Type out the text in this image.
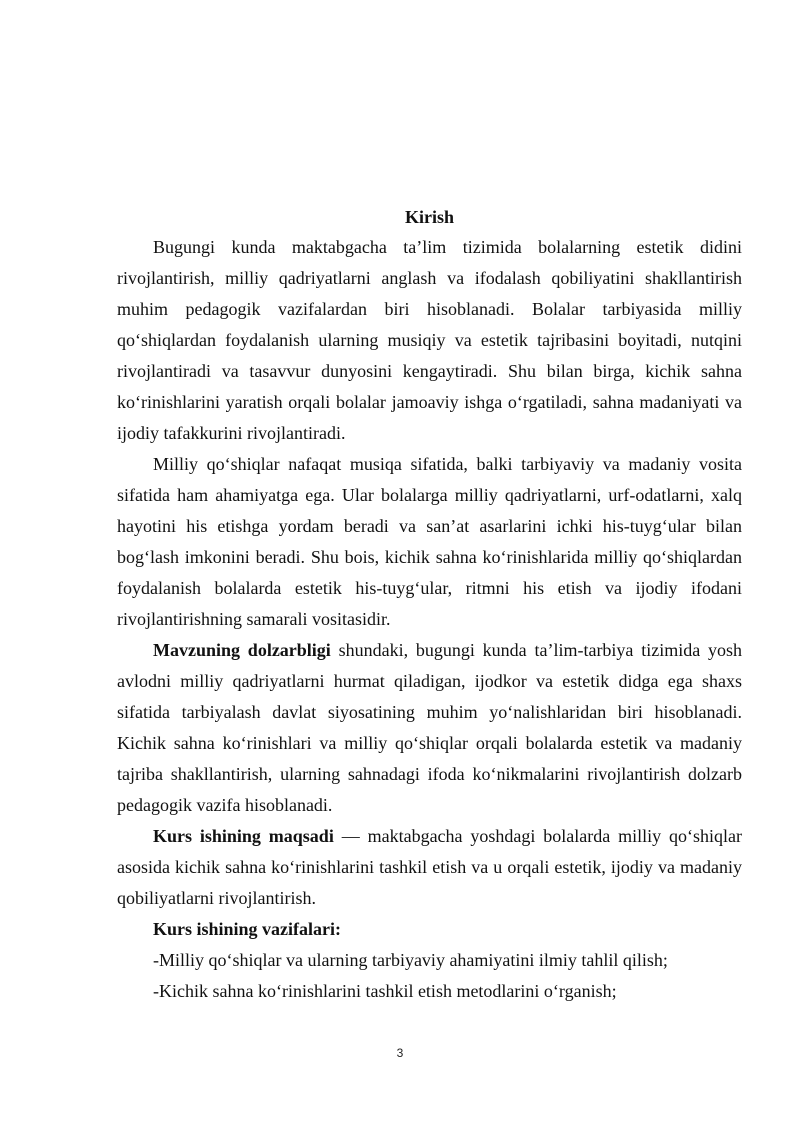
Kirish

Bugungi kunda maktabgacha ta’lim tizimida bolalarning estetik didini rivojlantirish, milliy qadriyatlarni anglash va ifodalash qobiliyatini shakllantirish muhim pedagogik vazifalardan biri hisoblanadi. Bolalar tarbiyasida milliy qo‘shiqlardan foydalanish ularning musiqiy va estetik tajribasini boyitadi, nutqini rivojlantiradi va tasavvur dunyosini kengaytiradi. Shu bilan birga, kichik sahna ko‘rinishlarini yaratish orqali bolalar jamoaviy ishga o‘rgatiladi, sahna madaniyati va ijodiy tafakkurini rivojlantiradi.

Milliy qo‘shiqlar nafaqat musiqa sifatida, balki tarbiyaviy va madaniy vosita sifatida ham ahamiyatga ega. Ular bolalarga milliy qadriyatlarni, urf-odatlarni, xalq hayotini his etishga yordam beradi va san’at asarlarini ichki his-tuyg‘ular bilan bog‘lash imkonini beradi. Shu bois, kichik sahna ko‘rinishlarida milliy qo‘shiqlardan foydalanish bolalarda estetik his-tuyg‘ular, ritmni his etish va ijodiy ifodani rivojlantirishning samarali vositasidir.

Mavzuning dolzarbligi shundaki, bugungi kunda ta’lim-tarbiya tizimida yosh avlodni milliy qadriyatlarni hurmat qiladigan, ijodkor va estetik didga ega shaxs sifatida tarbiyalash davlat siyosatining muhim yo‘nalishlaridan biri hisoblanadi. Kichik sahna ko‘rinishlari va milliy qo‘shiqlar orqali bolalarda estetik va madaniy tajriba shakllantirish, ularning sahnadagi ifoda ko‘nikmalarini rivojlantirish dolzarb pedagogik vazifa hisoblanadi.

Kurs ishining maqsadi — maktabgacha yoshdagi bolalarda milliy qo‘shiqlar asosida kichik sahna ko‘rinishlarini tashkil etish va u orqali estetik, ijodiy va madaniy qobiliyatlarni rivojlantirish.

Kurs ishining vazifalari:

-Milliy qo‘shiqlar va ularning tarbiyaviy ahamiyatini ilmiy tahlil qilish;

-Kichik sahna ko‘rinishlarini tashkil etish metodlarini o‘rganish;

3
